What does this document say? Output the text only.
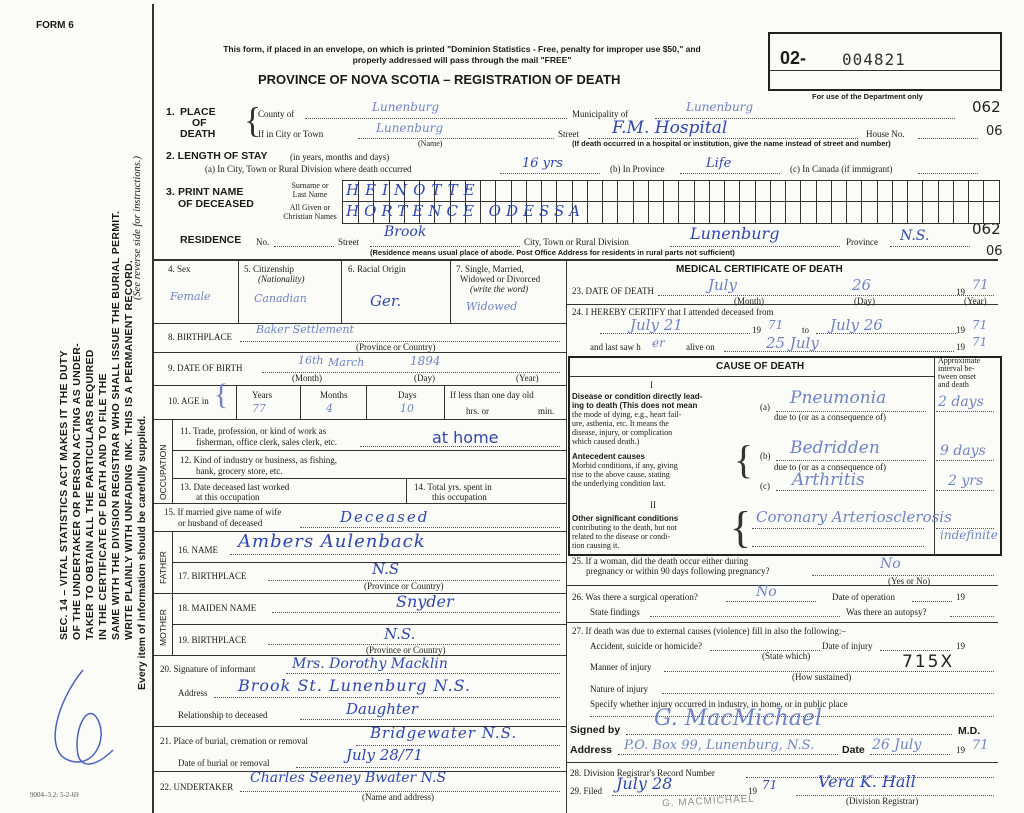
FORM 6
SEC. 14 – VITAL STATISTICS ACT MAKES IT THE DUTY OF THE UNDERTAKER OR PERSON ACTING AS UNDER- TAKER TO OBTAIN ALL THE PARTICULARS REQUIRED IN THE CERTIFICATE OF DEATH AND TO FILE THE SAME WITH THE DIVISION REGISTRAR WHO SHALL ISSUE THE BURIAL PERMIT. WRITE PLAINLY WITH UNFADING INK. THIS IS A PERMANENT RECORD.
(See reverse side for instructions.)
Every item of information should be carefully supplied.
9004–3.2: 5-2-69
This form, if placed in an envelope, on which is printed "Dominion Statistics - Free, penalty for improper use $50," and properly addressed will pass through the mail "FREE"
PROVINCE OF NOVA SCOTIA – REGISTRATION OF DEATH
02- 004821
For use of the Department only
062
06
062
06
1. PLACE
OF
DEATH {
County of	Lunenburg	Municipality of	Lunenburg
If in City or Town	Lunenburg
(Name)
Street F.M. Hospital	House No.
(If death occurred in a hospital or institution, give the name instead of street and number)
2. LENGTH OF STAY (in years, months and days)
(a) In City, Town or Rural Division where death occurred	16 yrs	(b) In Province	Life	(c) In Canada (if immigrant)
3. PRINT NAME
OF DECEASED
Surname or
Last Name
All Given or
Christian Names
HEINOTTE
HORTENCE ODESSA
RESIDENCE No.	Street
Brook
City, Town or Rural Division	Lunenburg	Province N.S.
(Residence means usual place of abode. Post Office Address for residents in rural parts not sufficient)
4. Sex
Female
5. Citizenship
(Nationality)
Canadian
6. Racial Origin
Ger.
7. Single, Married,
Widowed or Divorced
(write the word)
Widowed
8. BIRTHPLACE
Baker Settlement
(Province or Country)
9. DATE OF BIRTH
16th March	1894
(Month)	(Day)	(Year)
10. AGE in {	Years	Months	Days
77	4	10
If less than one day old
hrs. or	min.
OCCUPATION
11. Trade, profession, or kind of work as
fisherman, office clerk, sales clerk, etc.	at home
12. Kind of industry or business, as fishing,
bank, grocery store, etc.
13. Date deceased last worked
at this occupation
14. Total yrs. spent in
this occupation
15. If married give name of wife
or husband of deceased	Deceased
FATHER
16. NAME Ambers Aulenback
17. BIRTHPLACE	N.S
(Province or Country)
MOTHER
18. MAIDEN NAME	Snyder
19. BIRTHPLACE	N.S.
(Province or Country)
20. Signature of informant	Mrs. Dorothy Macklin
Address Brook St. Lunenburg N.S.
Relationship to deceased	Daughter
21. Place of burial, cremation or removal	Bridgewater N.S.
Date of burial or removal	July 28/71
22. UNDERTAKER
Charles Seeney Bwater N.S
(Name and address)
MEDICAL CERTIFICATE OF DEATH
23. DATE OF DEATH	July	26	19 71
(Month)	(Day)	(Year)
24. I HEREBY CERTIFY that I attended deceased from
July 21	19 71 to July 26	19 71
and last saw h er alive on	25 July	19 71
CAUSE OF DEATH
Approximate
interval be-
tween onset
and death
I
Disease or condition directly lead-
ing to death (This does not mean
the mode of dying, e.g., heart fail-
ure, asthenia, etc. It means the
disease, injury, or complication
which caused death.)
(a) Pneumonia	2 days
due to (or as a consequence of)
Antecedent causes
Morbid conditions, if any, giving
rise to the above cause, stating
the underlying condition last.
{ (b) Bedridden	9 days
due to (or as a consequence of)
(c) Arthritis	2 yrs
II
Other significant conditions
contributing to the death, but not
related to the disease or condi-
tion causing it.	{ Coronary Arteriosclerosis
indefinite
25. If a woman, did the death occur either during
pregnancy or within 90 days following pregnancy?	No
(Yes or No)
26. Was there a surgical operation?	No	Date of operation	19
State findings	Was there an autopsy?
27. If death was due to external causes (violence) fill in also the following:–
Accident, suicide or homicide?	Date of injury	19
(State which)
Manner of injury	715X
(How sustained)
Nature of injury
Specify whether injury occurred in industry, in home, or in public place
Signed by G. MacMichael	M.D.
Address P.O. Box 99, Lunenburg, N.S.	Date 26 July	19 71
28. Division Registrar's Record Number
29. Filed July 28	19 71	Vera K. Hall
(Division Registrar)
G. MACMICHAEL
